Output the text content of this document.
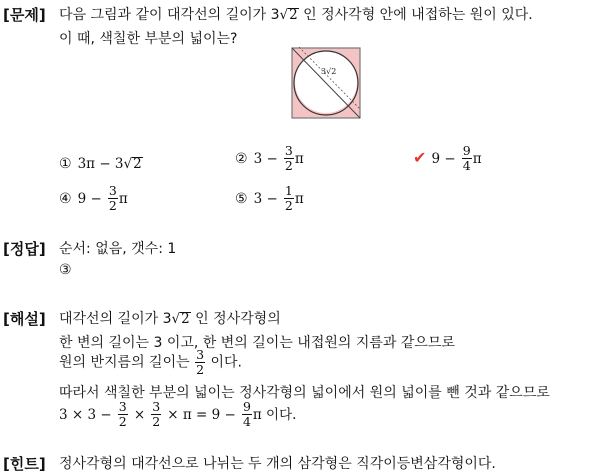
[문제] 다음 그림과 같이 대각선의 길이가 3√2 인 정사각형 안에 내접하는 원이 있다.
이 때, 색칠한 부분의 넓이는?
3√2
① 3π − 3√2	② $3 - \frac{3}{2}$ π	✔ $9 - \frac{9}{4}$ π
④ $9 - \frac{3}{2}$ π	⑤ $3 - \frac{1}{2}$ π
[정답] 순서: 없음, 갯수: 1
③
[해설] 대각선의 길이가 3√2 인 정사각형의
한 변의 길이는 3 이고, 한 변의 길이는 내접원의 지름과 같으므로
원의 반지름의 길이는 $\frac{3}{2}$ 이다.
따라서 색칠한 부분의 넓이는 정사각형의 넓이에서 원의 넓이를 뺀 것과 같으므로
$3 \times 3 - \frac{3}{2} \times \frac{3}{2} \times \pi = 9 - \frac{9}{4}$ π 이다.
[힌트] 정사각형의 대각선으로 나뉘는 두 개의 삼각형은 직각이등변삼각형이다.
